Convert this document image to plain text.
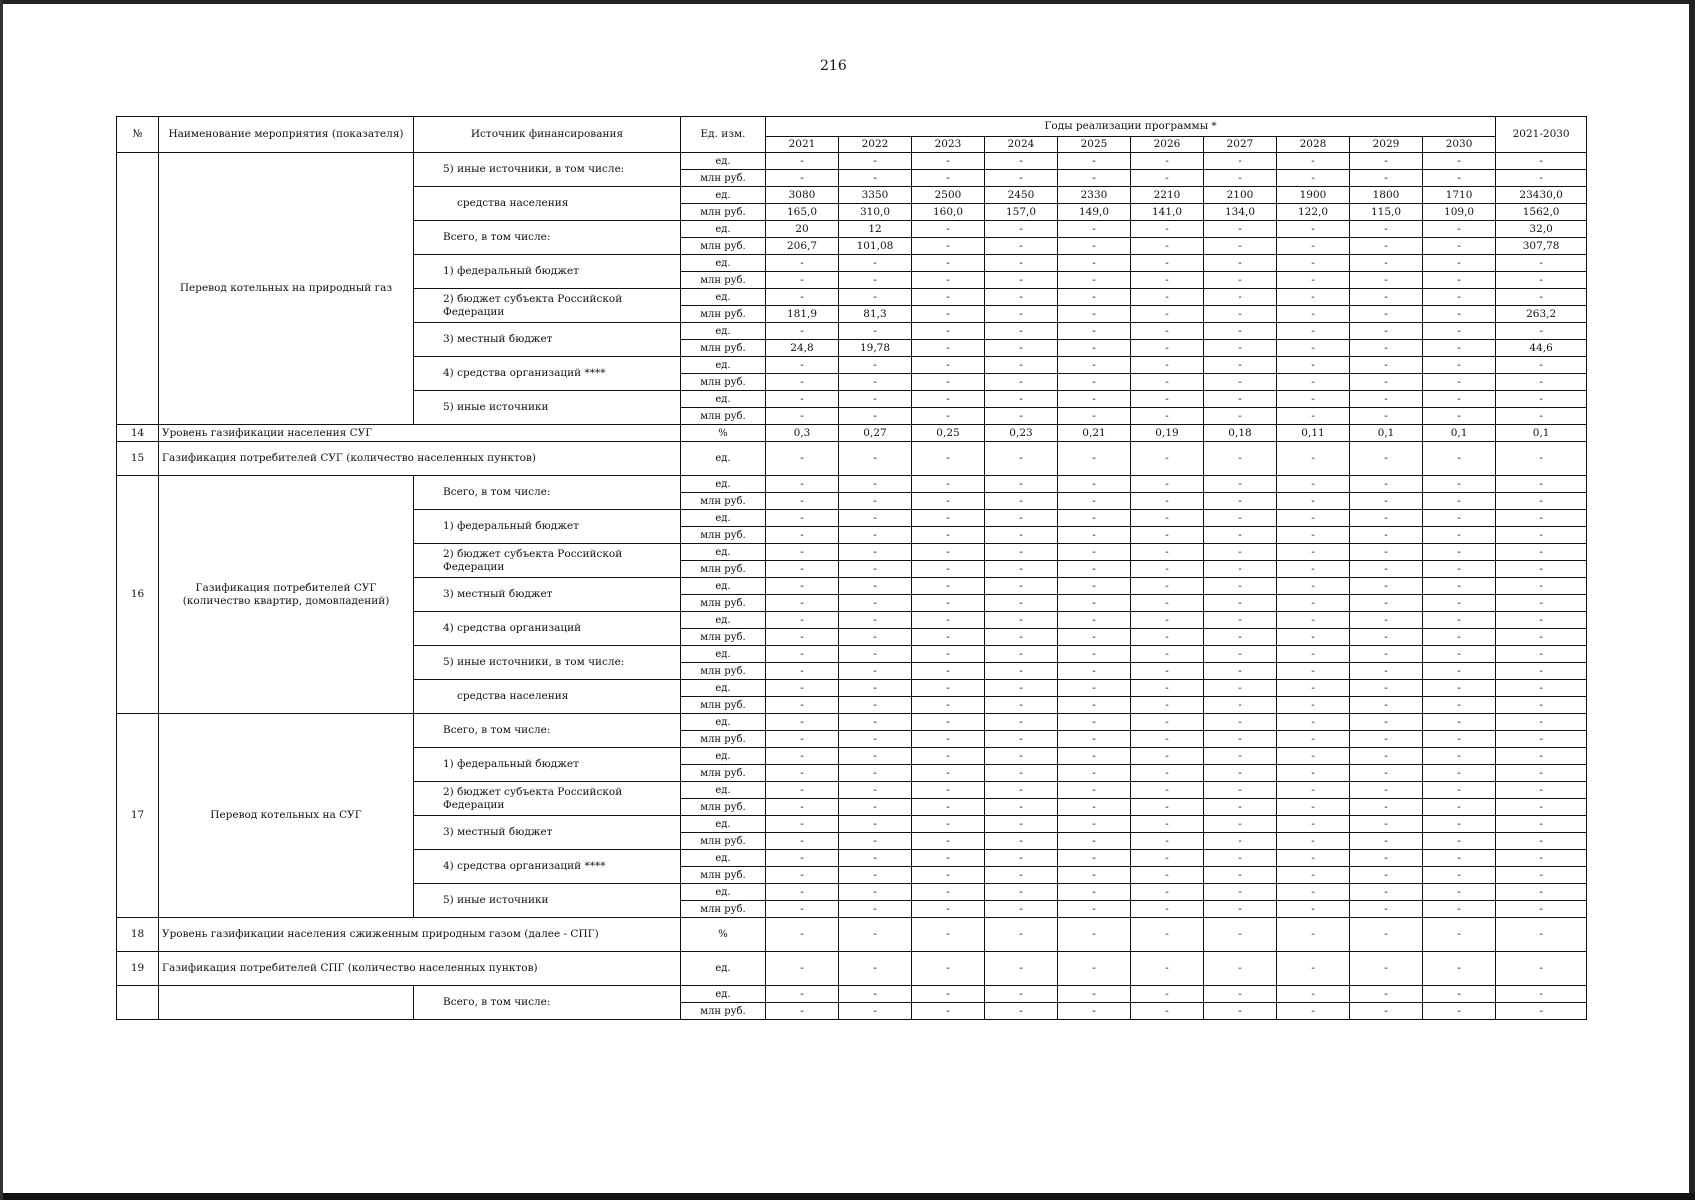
216
№	Наименование мероприятия (показателя)	Источник финансирования	Ед. изм.	Годы реализации программы *										2021-2030
				2021	2022	2023	2024	2025	2026	2027	2028	2029	2030	
	Перевод котельных на природный газ	5) иные источники, в том числе:	ед.	-	-	-	-	-	-	-	-	-	-	-
			млн руб.	-	-	-	-	-	-	-	-	-	-	-

		средства населения	ед.	3080	3350	2500	2450	2330	2210	2100	1900	1800	1710	23430,0
			млн руб.	165,0	310,0	160,0	157,0	149,0	141,0	134,0	122,0	115,0	109,0	1562,0

		Всего, в том числе:	ед.	20	12	-	-	-	-	-	-	-	-	32,0
			млн руб.	206,7	101,08	-	-	-	-	-	-	-	-	307,78

		1) федеральный бюджет	ед.	-	-	-	-	-	-	-	-	-	-	-
			млн руб.	-	-	-	-	-	-	-	-	-	-	-

		2) бюджет субъекта Российской Федерации	ед.	-	-	-	-	-	-	-	-	-	-	-
			млн руб.	181,9	81,3	-	-	-	-	-	-	-	-	263,2

		3) местный бюджет	ед.	-	-	-	-	-	-	-	-	-	-	-
			млн руб.	24,8	19,78	-	-	-	-	-	-	-	-	44,6

		4) средства организаций ****	ед.	-	-	-	-	-	-	-	-	-	-	-
			млн руб.	-	-	-	-	-	-	-	-	-	-	-

		5) иные источники	ед.	-	-	-	-	-	-	-	-	-	-	-
			млн руб.	-	-	-	-	-	-	-	-	-	-	-
14	Уровень газификации населения СУГ		%	0,3	0,27	0,25	0,23	0,21	0,19	0,18	0,11	0,1	0,1	0,1
15	Газификация потребителей СУГ (количество населенных пунктов)		ед.	-	-	-	-	-	-	-	-	-	-	-
16	Газификация потребителей СУГ (количество квартир, домовладений)	Всего, в том числе:	ед.	-	-	-	-	-	-	-	-	-	-	-
			млн руб.	-	-	-	-	-	-	-	-	-	-	-

		1) федеральный бюджет	ед.	-	-	-	-	-	-	-	-	-	-	-
			млн руб.	-	-	-	-	-	-	-	-	-	-	-

		2) бюджет субъекта Российской Федерации	ед.	-	-	-	-	-	-	-	-	-	-	-
			млн руб.	-	-	-	-	-	-	-	-	-	-	-

		3) местный бюджет	ед.	-	-	-	-	-	-	-	-	-	-	-
			млн руб.	-	-	-	-	-	-	-	-	-	-	-

		4) средства организаций	ед.	-	-	-	-	-	-	-	-	-	-	-
			млн руб.	-	-	-	-	-	-	-	-	-	-	-

		5) иные источники, в том числе:	ед.	-	-	-	-	-	-	-	-	-	-	-
			млн руб.	-	-	-	-	-	-	-	-	-	-	-

		средства населения	ед.	-	-	-	-	-	-	-	-	-	-	-
			млн руб.	-	-	-	-	-	-	-	-	-	-	-
17	Перевод котельных на СУГ	Всего, в том числе:	ед.	-	-	-	-	-	-	-	-	-	-	-
			млн руб.	-	-	-	-	-	-	-	-	-	-	-

		1) федеральный бюджет	ед.	-	-	-	-	-	-	-	-	-	-	-
			млн руб.	-	-	-	-	-	-	-	-	-	-	-

		2) бюджет субъекта Российской Федерации	ед.	-	-	-	-	-	-	-	-	-	-	-
			млн руб.	-	-	-	-	-	-	-	-	-	-	-

		3) местный бюджет	ед.	-	-	-	-	-	-	-	-	-	-	-
			млн руб.	-	-	-	-	-	-	-	-	-	-	-

		4) средства организаций ****	ед.	-	-	-	-	-	-	-	-	-	-	-
			млн руб.	-	-	-	-	-	-	-	-	-	-	-

		5) иные источники	ед.	-	-	-	-	-	-	-	-	-	-	-
			млн руб.	-	-	-	-	-	-	-	-	-	-	-
18	Уровень газификации населения сжиженным природным газом (далее - СПГ)		%	-	-	-	-	-	-	-	-	-	-	-
19	Газификация потребителей СПГ (количество населенных пунктов)		ед.	-	-	-	-	-	-	-	-	-	-	-

		Всего, в том числе:	ед.	-	-	-	-	-	-	-	-	-	-	-
			млн руб.	-	-	-	-	-	-	-	-	-	-	-
